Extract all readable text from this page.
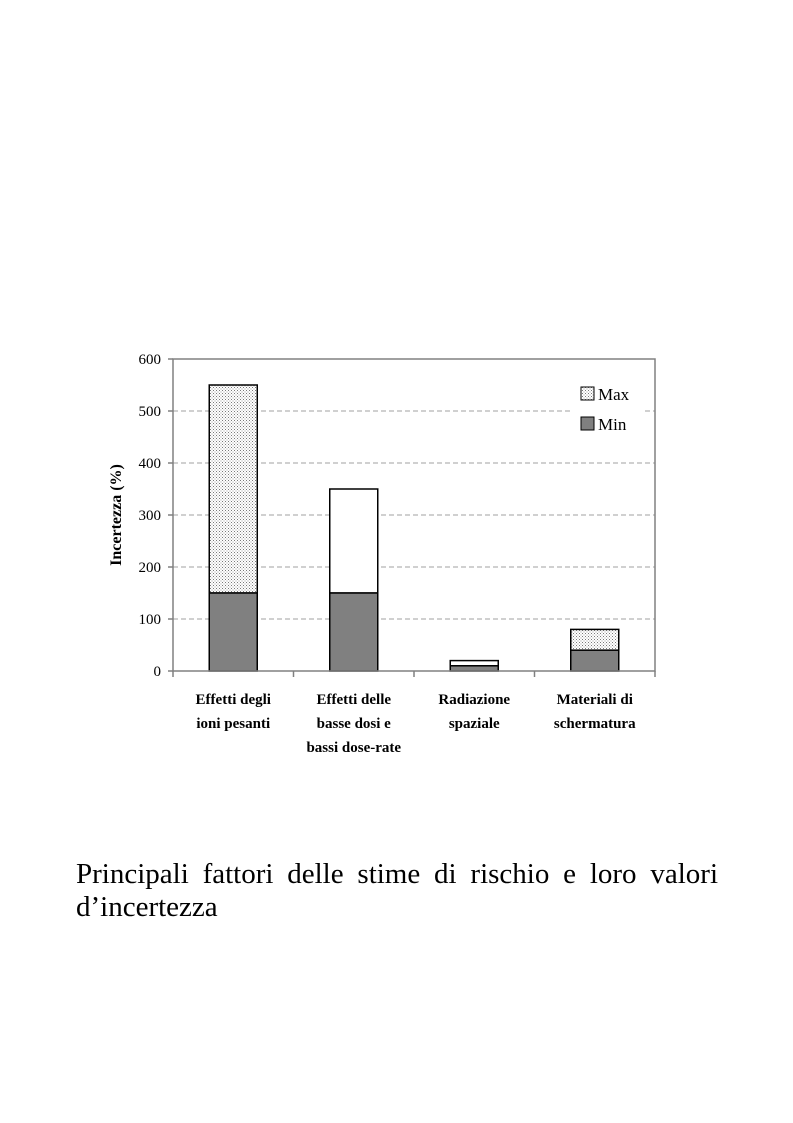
0
100
200
300
400
500
600
Effetti degli
ioni pesanti
Effetti delle
basse dosi e
bassi dose-rate
Radiazione
spaziale
Materiali di
schermatura
Incertezza (%)
Max
Min

Principali fattori delle stime di rischio e loro valori d’incertezza
